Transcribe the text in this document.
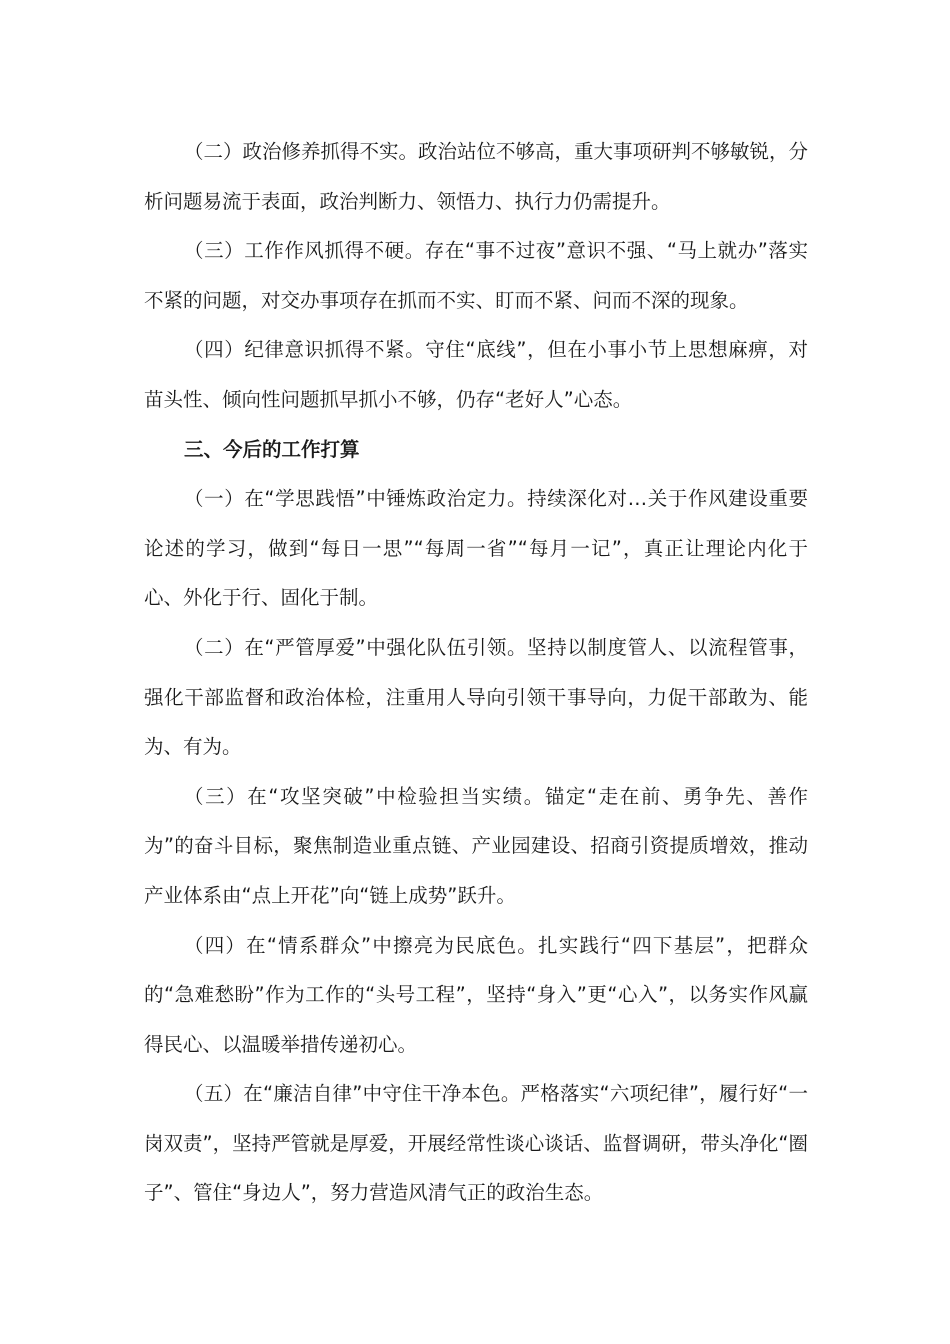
（二）政治修养抓得不实。政治站位不够高，重大事项研判不够敏锐，分析问题易流于表面，政治判断力、领悟力、执行力仍需提升。

（三）工作作风抓得不硬。存在“事不过夜”意识不强、“马上就办”落实不紧的问题，对交办事项存在抓而不实、盯而不紧、问而不深的现象。

（四）纪律意识抓得不紧。守住“底线”，但在小事小节上思想麻痹，对苗头性、倾向性问题抓早抓小不够，仍存“老好人”心态。

三、今后的工作打算

（一）在“学思践悟”中锤炼政治定力。持续深化对…关于作风建设重要论述的学习，做到“每日一思”“每周一省”“每月一记”，真正让理论内化于心、外化于行、固化于制。

（二）在“严管厚爱”中强化队伍引领。坚持以制度管人、以流程管事，强化干部监督和政治体检，注重用人导向引领干事导向，力促干部敢为、能为、有为。

（三）在“攻坚突破”中检验担当实绩。锚定“走在前、勇争先、善作为”的奋斗目标，聚焦制造业重点链、产业园建设、招商引资提质增效，推动产业体系由“点上开花”向“链上成势”跃升。

（四）在“情系群众”中擦亮为民底色。扎实践行“四下基层”，把群众的“急难愁盼”作为工作的“头号工程”，坚持“身入”更“心入”，以务实作风赢得民心、以温暖举措传递初心。

（五）在“廉洁自律”中守住干净本色。严格落实“六项纪律”，履行好“一岗双责”，坚持严管就是厚爱，开展经常性谈心谈话、监督调研，带头净化“圈子”、管住“身边人”，努力营造风清气正的政治生态。
